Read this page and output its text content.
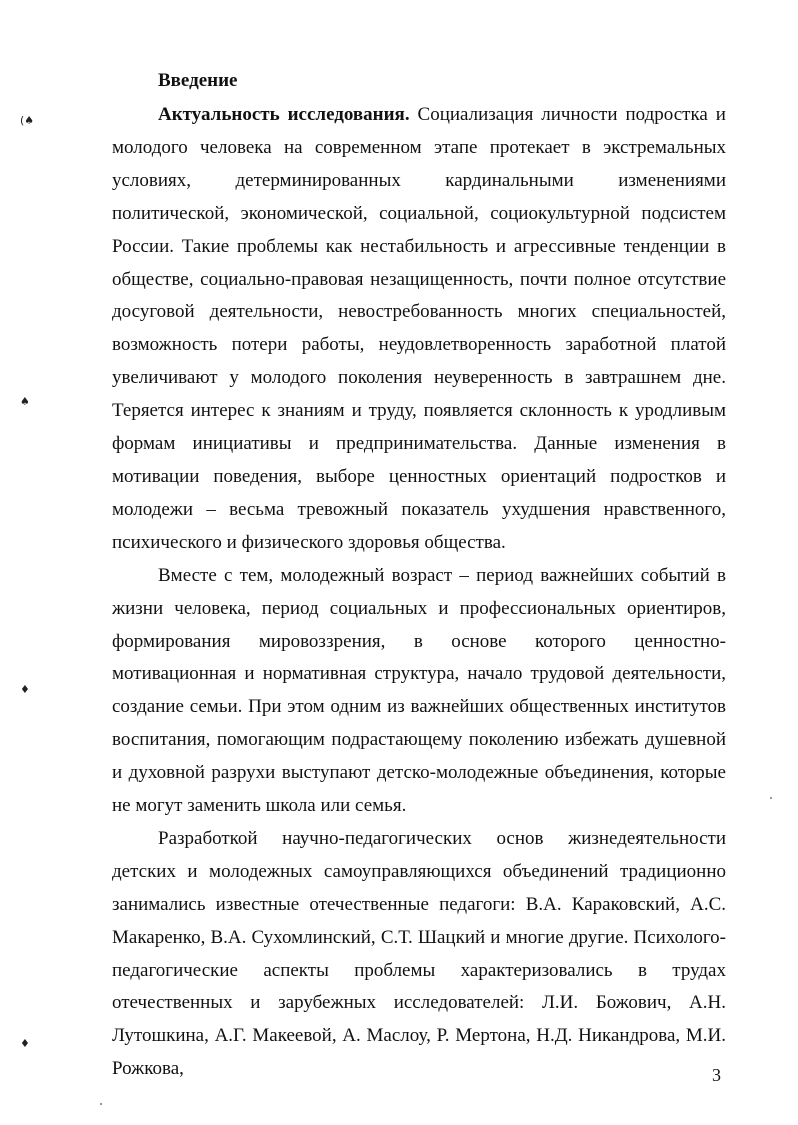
(♠
♠
♦
♦
Введение

Актуальность исследования. Социализация личности подростка и молодого человека на современном этапе протекает в экстремальных условиях, детерминированных кардинальными изменениями политической, экономической, социальной, социокультурной подсистем России. Такие проблемы как нестабильность и агрессивные тенденции в обществе, социально-правовая незащищенность, почти полное отсутствие досуговой деятельности, невостребованность многих специальностей, возможность потери работы, неудовлетворенность заработной платой увеличивают у молодого поколения неуверенность в завтрашнем дне. Теряется интерес к знаниям и труду, появляется склонность к уродливым формам инициативы и предпринимательства. Данные изменения в мотивации поведения, выборе ценностных ориентаций подростков и молодежи – весьма тревожный показатель ухудшения нравственного, психического и физического здоровья общества.

Вместе с тем, молодежный возраст – период важнейших событий в жизни человека, период социальных и профессиональных ориентиров, формирования мировоззрения, в основе которого ценностно-мотивационная и нормативная структура, начало трудовой деятельности, создание семьи. При этом одним из важнейших общественных институтов воспитания, помогающим подрастающему поколению избежать душевной и духовной разрухи выступают детско-молодежные объединения, которые не могут заменить школа или семья.

Разработкой научно-педагогических основ жизнедеятельности детских и молодежных самоуправляющихся объединений традиционно занимались известные отечественные педагоги: В.А. Караковский, А.С. Макаренко, В.А. Сухомлинский, С.Т. Шацкий и многие другие. Психолого-педагогические аспекты проблемы характеризовались в трудах отечественных и зарубежных исследователей: Л.И. Божович, А.Н. Лутошкина, А.Г. Макеевой, А. Маслоу, Р. Мертона, Н.Д. Никандрова, М.И. Рожкова,	3
